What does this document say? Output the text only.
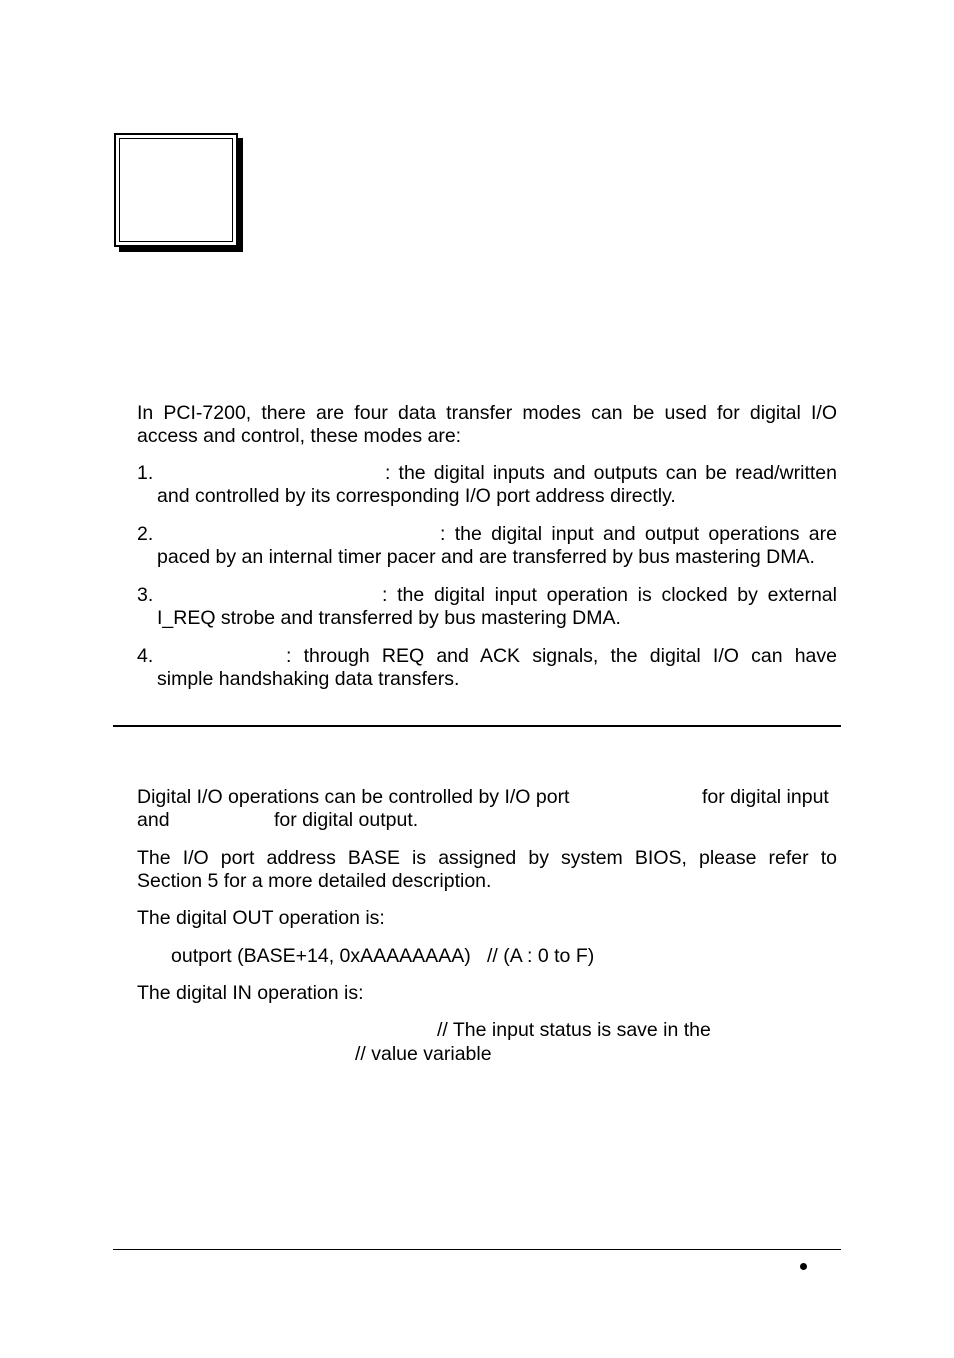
In PCI-7200, there are four data transfer modes can be used for digital I/O
access and control, these modes are:
1.	: the digital inputs and outputs can be read/written
and controlled by its corresponding I/O port address directly.
2.	: the digital input and output operations are
paced by an internal timer pacer and are transferred by bus mastering DMA.
3.	: the digital input operation is clocked by external
I_REQ strobe and transferred by bus mastering DMA.
4.	: through REQ and ACK signals, the digital I/O can have
simple handshaking data transfers.
Digital I/O operations can be controlled by I/O port	for digital input
and	for digital output.
The I/O port address BASE is assigned by system BIOS, please refer to
Section 5 for a more detailed description.
The digital OUT operation is:
outport (BASE+14, 0xAAAAAAAA)   // (A : 0 to F)
The digital IN operation is:
// The input status is save in the
// value variable
